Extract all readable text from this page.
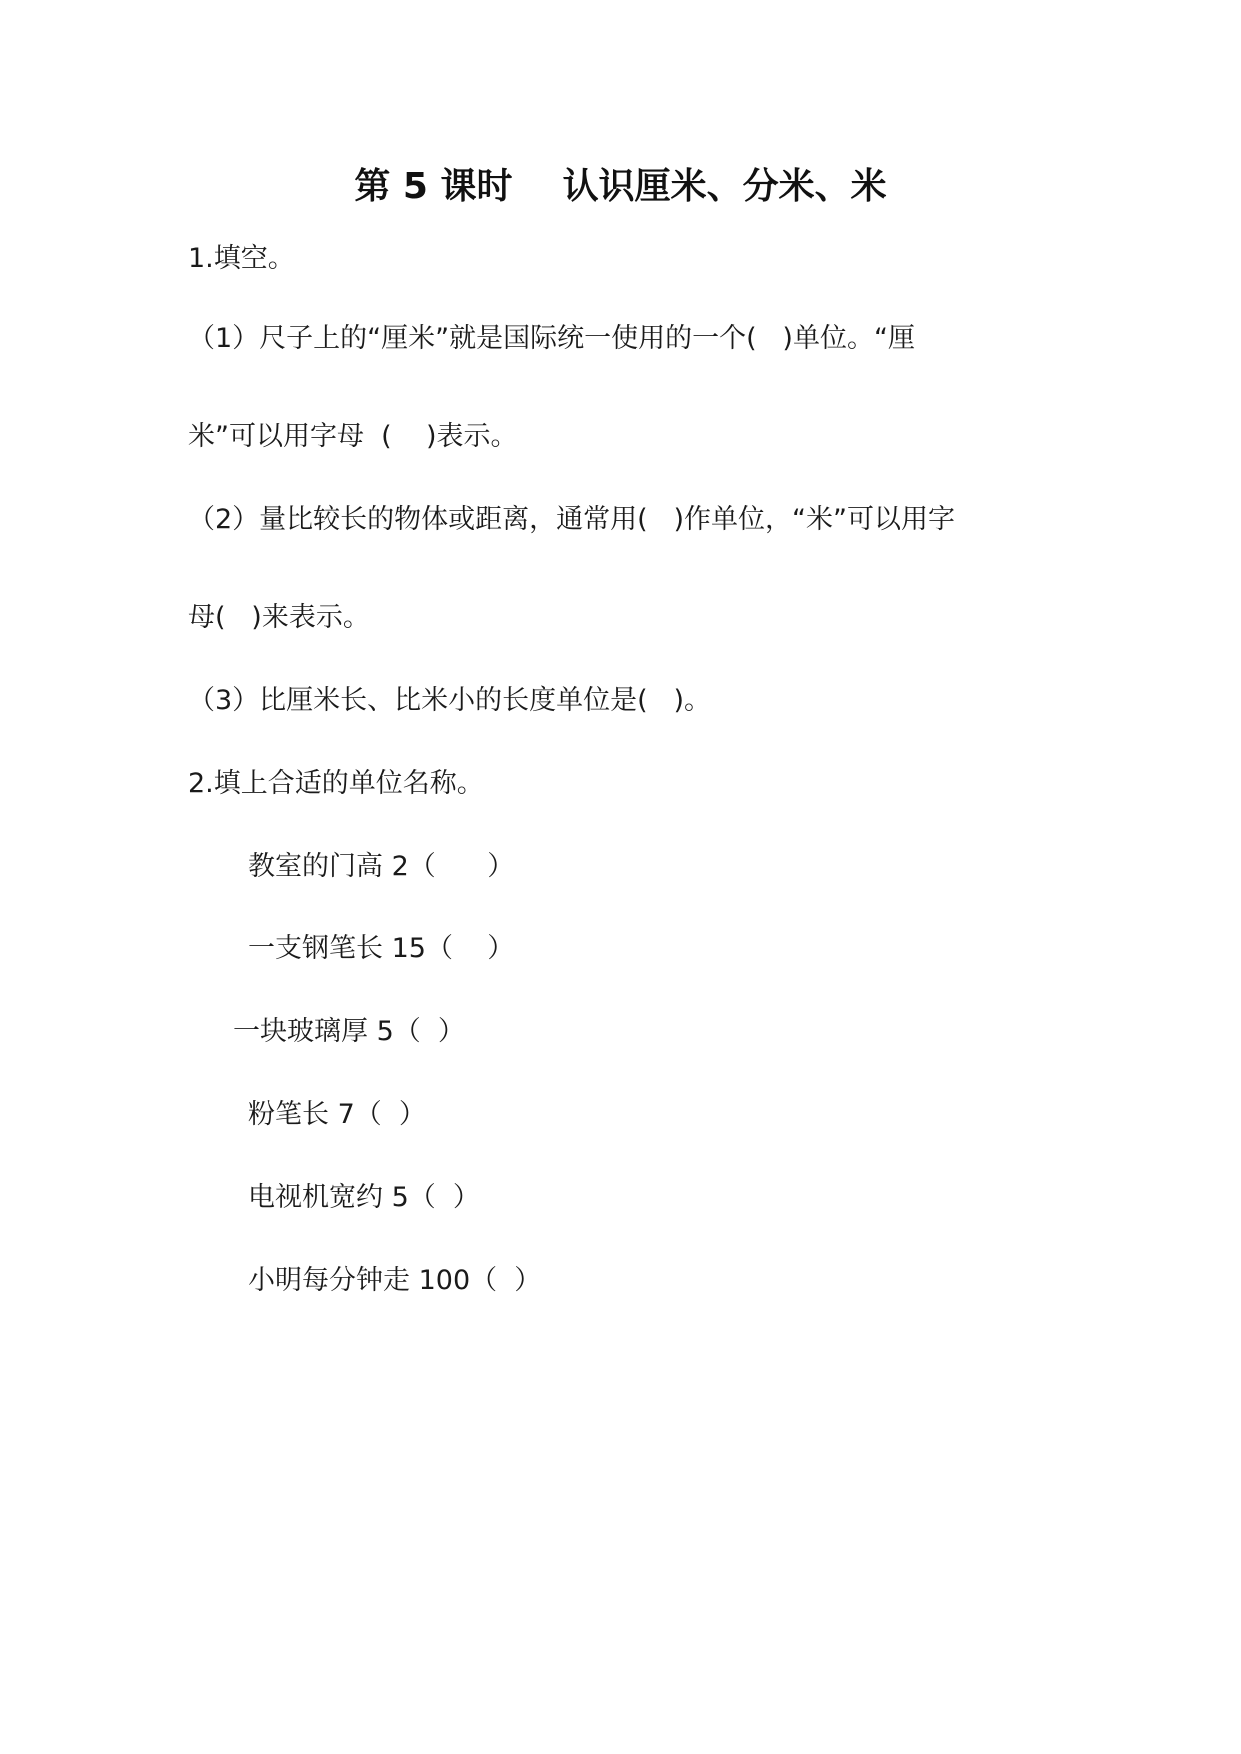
第 5 课时    认识厘米、分米、米
1.填空。
（1）尺子上的“厘米”就是国际统一使用的一个(   )单位。“厘
米”可以用字母  (    )表示。
（2）量比较长的物体或距离，通常用(   )作单位，“米”可以用字
母(   )来表示。
（3）比厘米长、比米小的长度单位是(   )。
2.填上合适的单位名称。
教室的门高 2（      ）
一支钢笔长 15（    ）
一块玻璃厚 5（  ）
粉笔长 7（  ）
电视机宽约 5（  ）
小明每分钟走 100（  ）
